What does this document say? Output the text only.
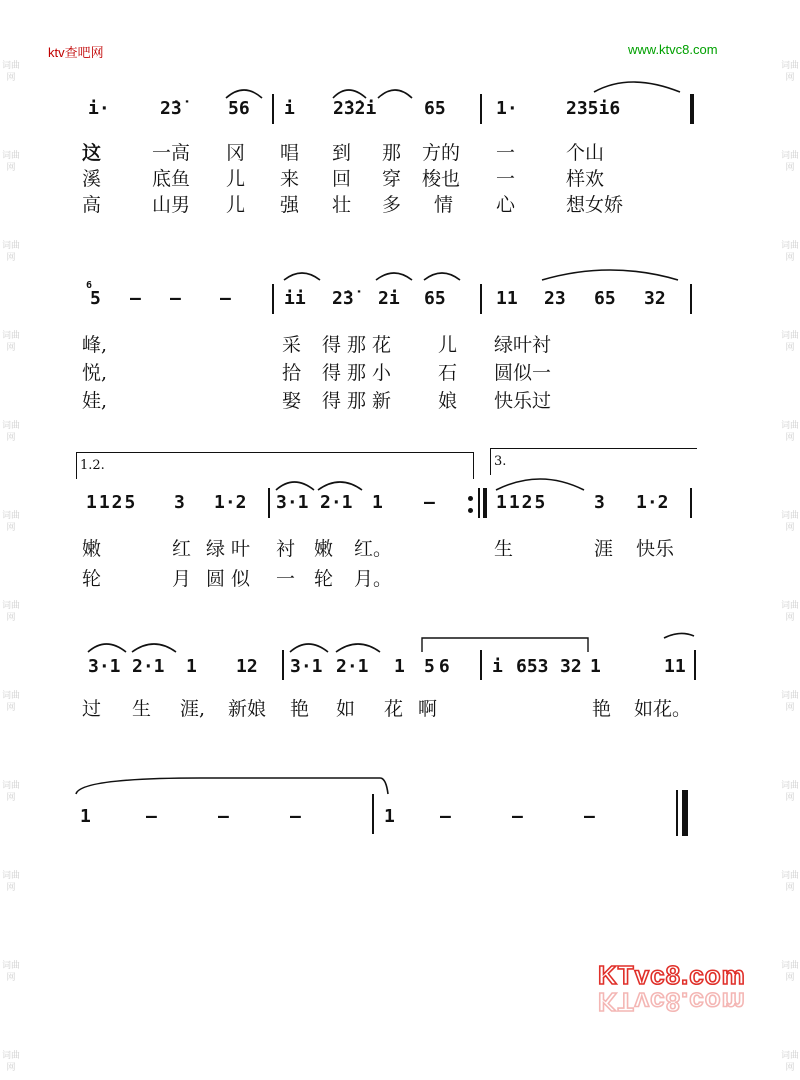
ktv查吧网	www.ktvc8.com
词曲网
词曲网
词曲网
词曲网
词曲网
词曲网
词曲网
词曲网
词曲网
词曲网
词曲网
词曲网
词曲网
词曲网
词曲网
词曲网
词曲网
词曲网
词曲网
词曲网
词曲网
词曲网
词曲网
词曲网
i·	2̇3̇	56 i 2̇3̇2̇i	65	1·	235i6
这	一高 冈 唱 到 那 方的 一	个山
溪	底鱼 儿 来 回 穿 梭也 一	样欢
高	山男 儿 强 壮 多 情 心	想女娇
6
5 – – –	ii 2̇3̇ 2̇i 65	11 23 65 32
峰,	采 得那花 儿 绿叶衬
悦,	拾 得那小 石 圆似一
娃,	娶 得那新 娘 快乐过
1.2.	3.
1125 3 1·2 3·1 2·1 1 –	1125	3 1·2
嫩	红 绿叶 衬 嫩 红。	生	涯 快乐
轮	月 圆似 一 轮 月。
3·1 2·1 1 12 3·1 2·1 1 56 i 653 32 1	11
过 生 涯, 新娘 艳 如 花 啊	艳 如花。
1	–	–	–	1	–	–	–
KTvc8.com
KTvc8.com
